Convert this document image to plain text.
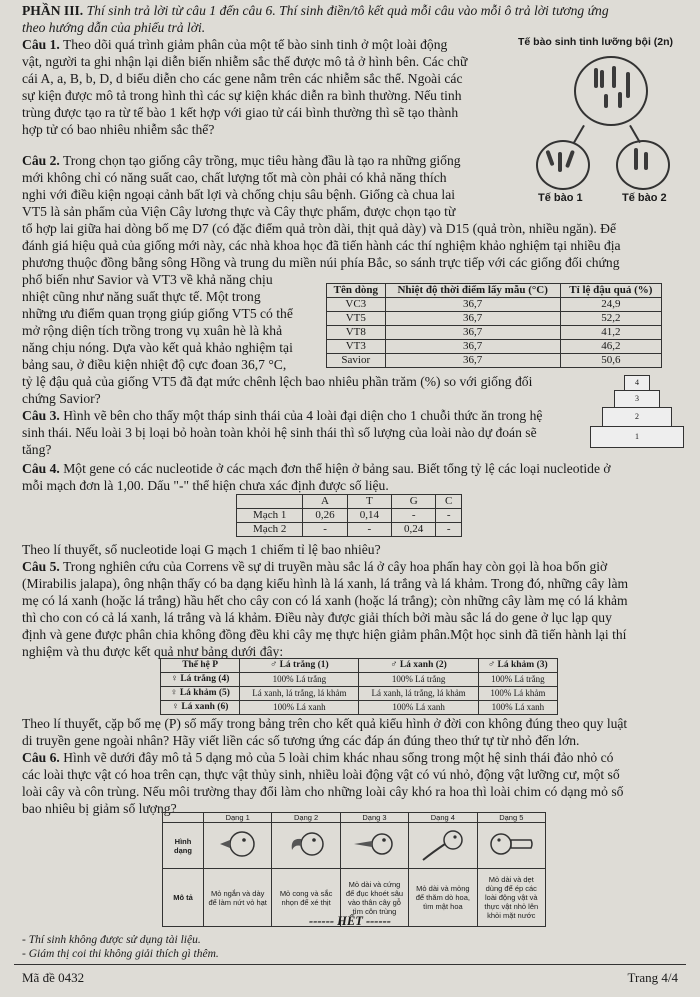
PHẦN III. Thí sinh trả lời từ câu 1 đến câu 6. Thí sinh điền/tô kết quả mỗi câu vào mỗi ô trả lời tương ứng
theo hướng dẫn của phiếu trả lời.
Câu 1. Theo dõi quá trình giảm phân của một tế bào sinh tinh ở một loài động
vật, người ta ghi nhận lại diễn biến nhiễm sắc thể được mô tả ở hình bên. Các chữ
cái A, a, B, b, D, d biểu diễn cho các gene nằm trên các nhiễm sắc thể. Ngoài các
sự kiện được mô tả trong hình thì các sự kiện khác diễn ra bình thường. Nếu tinh
trùng được tạo ra từ tế bào 1 kết hợp với giao tử cái bình thường thì sẽ tạo thành
hợp tử có bao nhiêu nhiễm sắc thể?
Tế bào sinh tinh lưỡng bội (2n)
Tế bào 1	Tế bào 2
Câu 2. Trong chọn tạo giống cây trồng, mục tiêu hàng đầu là tạo ra những giống
mới không chỉ có năng suất cao, chất lượng tốt mà còn phải có khả năng thích
nghi với điều kiện ngoại cảnh bất lợi và chống chịu sâu bệnh. Giống cà chua lai
VT5 là sản phẩm của Viện Cây lương thực và Cây thực phẩm, được chọn tạo từ
tổ hợp lai giữa hai dòng bố mẹ D7 (có đặc điểm quả tròn dài, thịt quả dày) và D15 (quả tròn, nhiều ngăn). Để
đánh giá hiệu quả của giống mới này, các nhà khoa học đã tiến hành các thí nghiệm khảo nghiệm tại nhiều địa
phương thuộc đồng bằng sông Hồng và trung du miền núi phía Bắc, so sánh trực tiếp với các giống đối chứng
phổ biến như Savior và VT3 về khả năng chịu
nhiệt cũng như năng suất thực tế. Một trong
những ưu điểm quan trọng giúp giống VT5 có thể
mở rộng diện tích trồng trong vụ xuân hè là khả
năng chịu nóng. Dựa vào kết quả khảo nghiệm tại
bảng sau, ở điều kiện nhiệt độ cực đoan 36,7 °C,
tỷ lệ đậu quả của giống VT5 đã đạt mức chênh lệch bao nhiêu phần trăm (%) so với giống đối
chứng Savior?
Tên dòng	Nhiệt độ thời điểm lấy mẫu (°C)	Tỉ lệ đậu quả (%)
VC3	36,7	24,9
VT5	36,7	52,2
VT8	36,7	41,2
VT3	36,7	46,2
Savior	36,7	50,6
Câu 3. Hình vẽ bên cho thấy một tháp sinh thái của 4 loài đại diện cho 1 chuỗi thức ăn trong hệ
sinh thái. Nếu loài 3 bị loại bỏ hoàn toàn khỏi hệ sinh thái thì số lượng của loài nào dự đoán sẽ
tăng?
4
3
2
1
Câu 4. Một gene có các nucleotide ở các mạch đơn thể hiện ở bảng sau. Biết tổng tỷ lệ các loại nucleotide ở
mỗi mạch đơn là 1,00. Dấu "-" thể hiện chưa xác định được số liệu.
	A	T	G	C
Mạch 1	0,26	0,14	-	-
Mạch 2	-	-	0,24	-
Theo lí thuyết, số nucleotide loại G mạch 1 chiếm tỉ lệ bao nhiêu?
Câu 5. Trong nghiên cứu của Correns về sự di truyền màu sắc lá ở cây hoa phấn hay còn gọi là hoa bốn giờ
(Mirabilis jalapa), ông nhận thấy có ba dạng kiểu hình là lá xanh, lá trắng và lá khảm. Trong đó, những cây làm
mẹ có lá xanh (hoặc lá trắng) hầu hết cho cây con có lá xanh (hoặc lá trắng); còn những cây làm mẹ có lá khảm
thì cho con có cả lá xanh, lá trắng và lá khảm. Điều này được giải thích bởi màu sắc lá do gene ở lục lạp quy
định và gene được phân chia không đồng đều khi cây mẹ thực hiện giảm phân.Một học sinh đã tiến hành lại thí
nghiệm và thu được kết quả như bảng dưới đây:
Thế hệ P	♂ Lá trắng (1)	♂ Lá xanh (2)	♂ Lá khảm (3)
♀ Lá trắng (4)	100% Lá trắng	100% Lá trắng	100% Lá trắng
♀ Lá khảm (5)	Lá xanh, lá trắng, lá khảm	Lá xanh, lá trắng, lá khảm	100% Lá khảm
♀ Lá xanh (6)	100% Lá xanh	100% Lá xanh	100% Lá xanh
Theo lí thuyết, cặp bố mẹ (P) số mấy trong bảng trên cho kết quả kiểu hình ở đời con không đúng theo quy luật
di truyền gene ngoài nhân? Hãy viết liền các số tương ứng các đáp án đúng theo thứ tự từ nhỏ đến lớn.
Câu 6. Hình vẽ dưới đây mô tả 5 dạng mỏ của 5 loài chim khác nhau sống trong một hệ sinh thái đảo nhỏ có
các loài thực vật có hoa trên cạn, thực vật thủy sinh, nhiều loài động vật có vú nhỏ, động vật lưỡng cư, một số
loài cây và côn trùng. Nếu môi trường thay đổi làm cho những loài cây khó ra hoa thì loài chim có dạng mỏ số
bao nhiêu bị giảm số lượng?
	Dạng 1	Dạng 2	Dạng 3	Dạng 4	Dạng 5
Hình dạng					
Mô tả	Mỏ ngắn và dày để làm nứt vỏ hạt	Mỏ cong và sắc nhọn để xé thịt	Mỏ dài và cứng để đục khoét sâu vào thân cây gỗ tìm côn trùng	Mỏ dài và mỏng để thăm dò hoa, tìm mật hoa	Mỏ dài và dẹt dùng để ép các loài động vật và thực vật nhỏ lên khỏi mặt nước
------ HẾT ------
- Thí sinh không được sử dụng tài liệu.
- Giám thị coi thi không giải thích gì thêm.
Mã đề 0432	Trang 4/4
